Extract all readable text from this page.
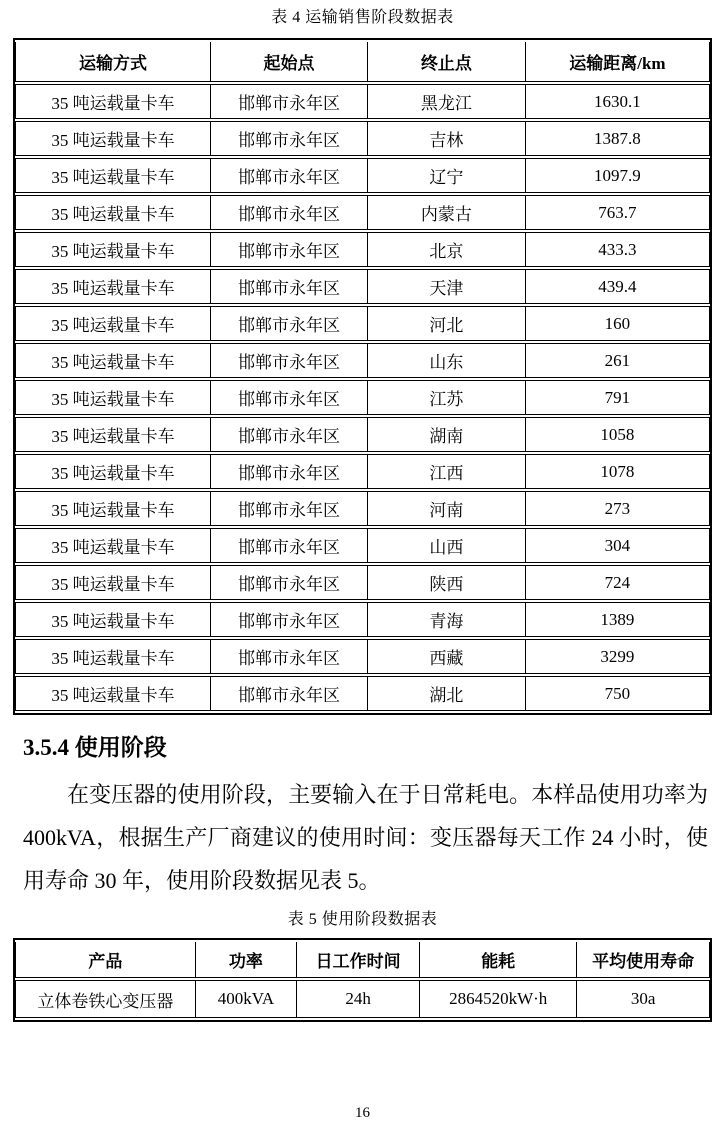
表 4 运输销售阶段数据表
运输方式	起始点	终止点	运输距离/km
35 吨运载量卡车	邯郸市永年区	黑龙江	1630.1
35 吨运载量卡车	邯郸市永年区	吉林	1387.8
35 吨运载量卡车	邯郸市永年区	辽宁	1097.9
35 吨运载量卡车	邯郸市永年区	内蒙古	763.7
35 吨运载量卡车	邯郸市永年区	北京	433.3
35 吨运载量卡车	邯郸市永年区	天津	439.4
35 吨运载量卡车	邯郸市永年区	河北	160
35 吨运载量卡车	邯郸市永年区	山东	261
35 吨运载量卡车	邯郸市永年区	江苏	791
35 吨运载量卡车	邯郸市永年区	湖南	1058
35 吨运载量卡车	邯郸市永年区	江西	1078
35 吨运载量卡车	邯郸市永年区	河南	273
35 吨运载量卡车	邯郸市永年区	山西	304
35 吨运载量卡车	邯郸市永年区	陕西	724
35 吨运载量卡车	邯郸市永年区	青海	1389
35 吨运载量卡车	邯郸市永年区	西藏	3299
35 吨运载量卡车	邯郸市永年区	湖北	750
3.5.4 使用阶段
在变压器的使用阶段，主要输入在于日常耗电。本样品使用功率为
400kVA，根据生产厂商建议的使用时间：变压器每天工作 24 小时，使
用寿命 30 年，使用阶段数据见表 5。
表 5 使用阶段数据表
产品	功率	日工作时间	能耗	平均使用寿命
立体卷铁心变压器	400kVA	24h	2864520kW·h	30a
16
